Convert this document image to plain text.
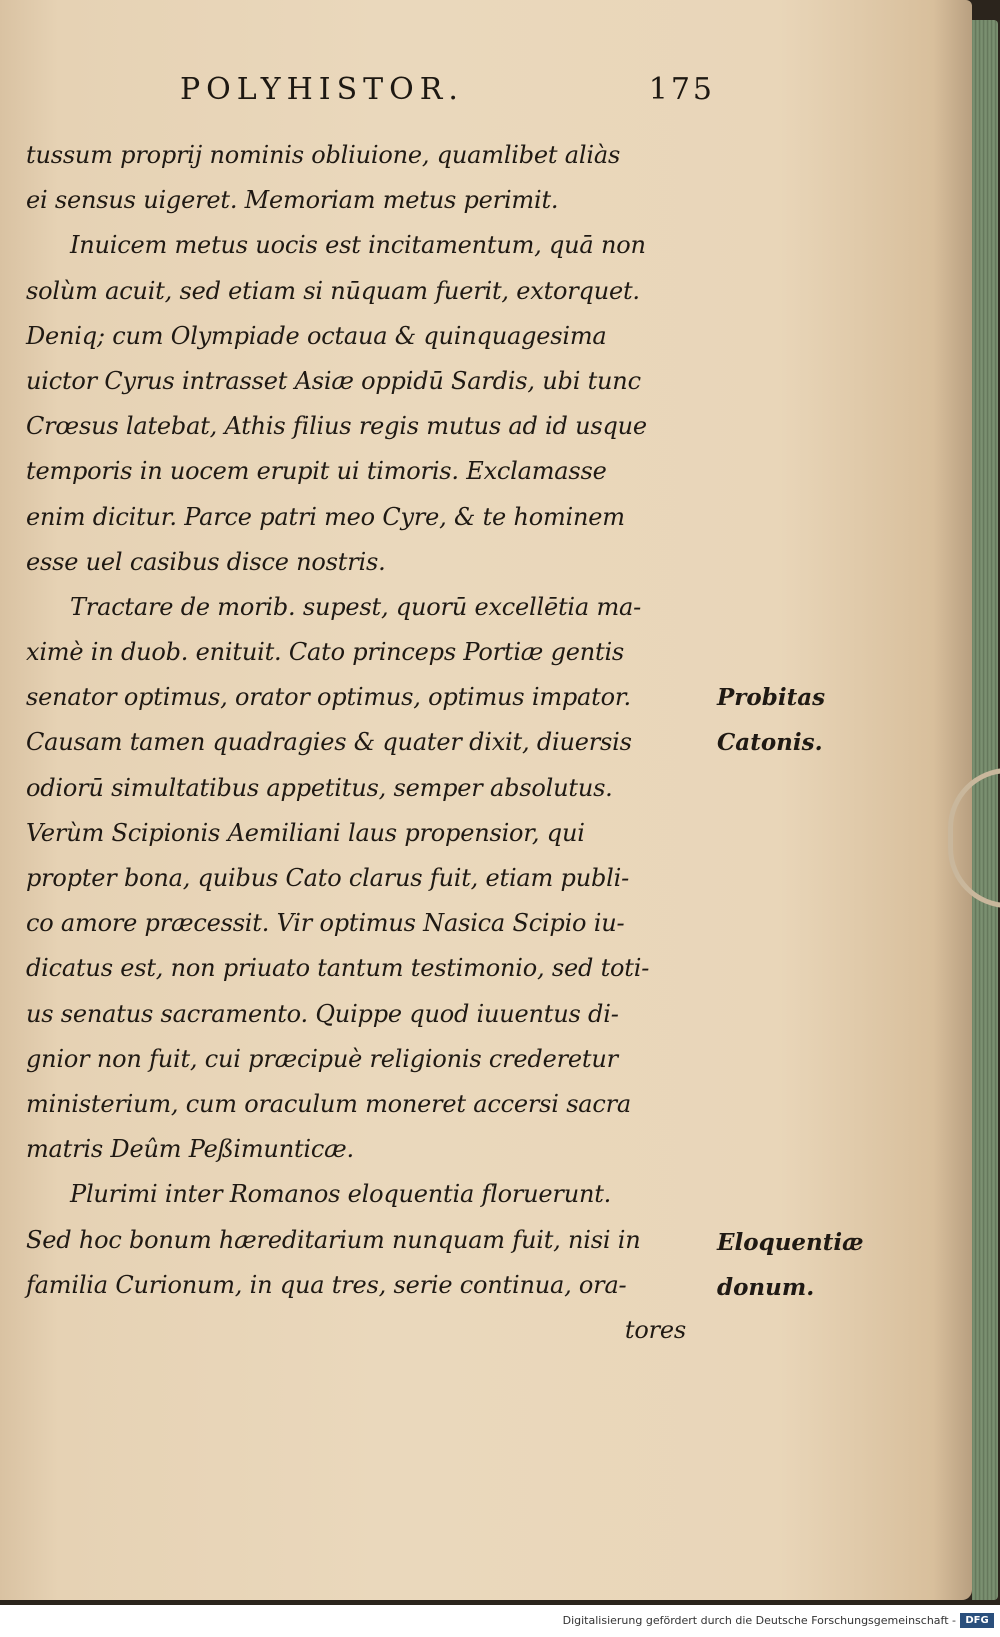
POLYHISTOR.	175
tussum proprij nominis obliuione, quamlibet aliàs
ei sensus uigeret. Memoriam metus perimit.
Inuicem metus uocis est incitamentum, quā non
solùm acuit, sed etiam si nūquam fuerit, extorquet.
Deniq; cum Olympiade octaua & quinquagesima
uictor Cyrus intrasset Asiæ oppidū Sardis, ubi tunc
Crœsus latebat, Athis filius regis mutus ad id usque
temporis in uocem erupit ui timoris. Exclamasse
enim dicitur. Parce patri meo Cyre, & te hominem
esse uel casibus disce nostris.
Tractare de morib. supest, quorū excellētia ma-
ximè in duob. enituit. Cato princeps Portiæ gentis
senator optimus, orator optimus, optimus impator.
Causam tamen quadragies & quater dixit, diuersis
odiorū simultatibus appetitus, semper absolutus.
Verùm Scipionis Aemiliani laus propensior, qui
propter bona, quibus Cato clarus fuit, etiam publi-
co amore præcessit. Vir optimus Nasica Scipio iu-
dicatus est, non priuato tantum testimonio, sed toti-
us senatus sacramento. Quippe quod iuuentus di-
gnior non fuit, cui præcipuè religionis crederetur
ministerium, cum oraculum moneret accersi sacra
matris Deûm Peßimunticæ.
Plurimi inter Romanos eloquentia floruerunt.
Sed hoc bonum hæreditarium nunquam fuit, nisi in
familia Curionum, in qua tres, serie continua, ora-
tores
Probitas
Catonis.
Eloquentiæ
donum.
Digitalisierung gefördert durch die Deutsche Forschungsgemeinschaft - DFG
